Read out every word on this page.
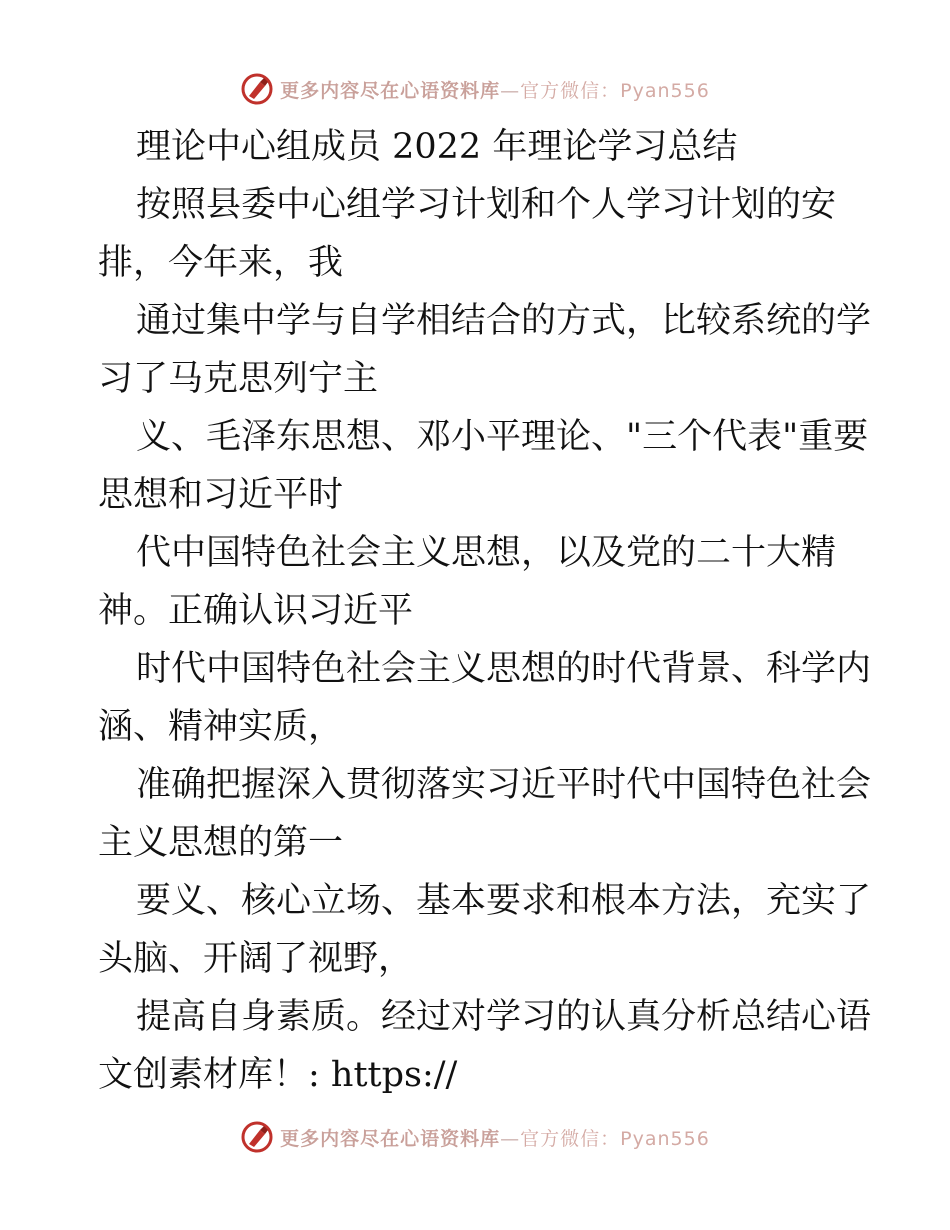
更多内容尽在心语资料库—官方微信：Pyan556
理论中心组成员 2022 年理论学习总结
按照县委中心组学习计划和个人学习计划的安
排，今年来，我
通过集中学与自学相结合的方式，比较系统的学
习了马克思列宁主
义、毛泽东思想、邓小平理论、"三个代表"重要
思想和习近平时
代中国特色社会主义思想，以及党的二十大精
神。正确认识习近平
时代中国特色社会主义思想的时代背景、科学内
涵、精神实质，
准确把握深入贯彻落实习近平时代中国特色社会
主义思想的第一
要义、核心立场、基本要求和根本方法，充实了
头脑、开阔了视野，
提高自身素质。经过对学习的认真分析总结心语
文创素材库！: https://
更多内容尽在心语资料库—官方微信：Pyan556
